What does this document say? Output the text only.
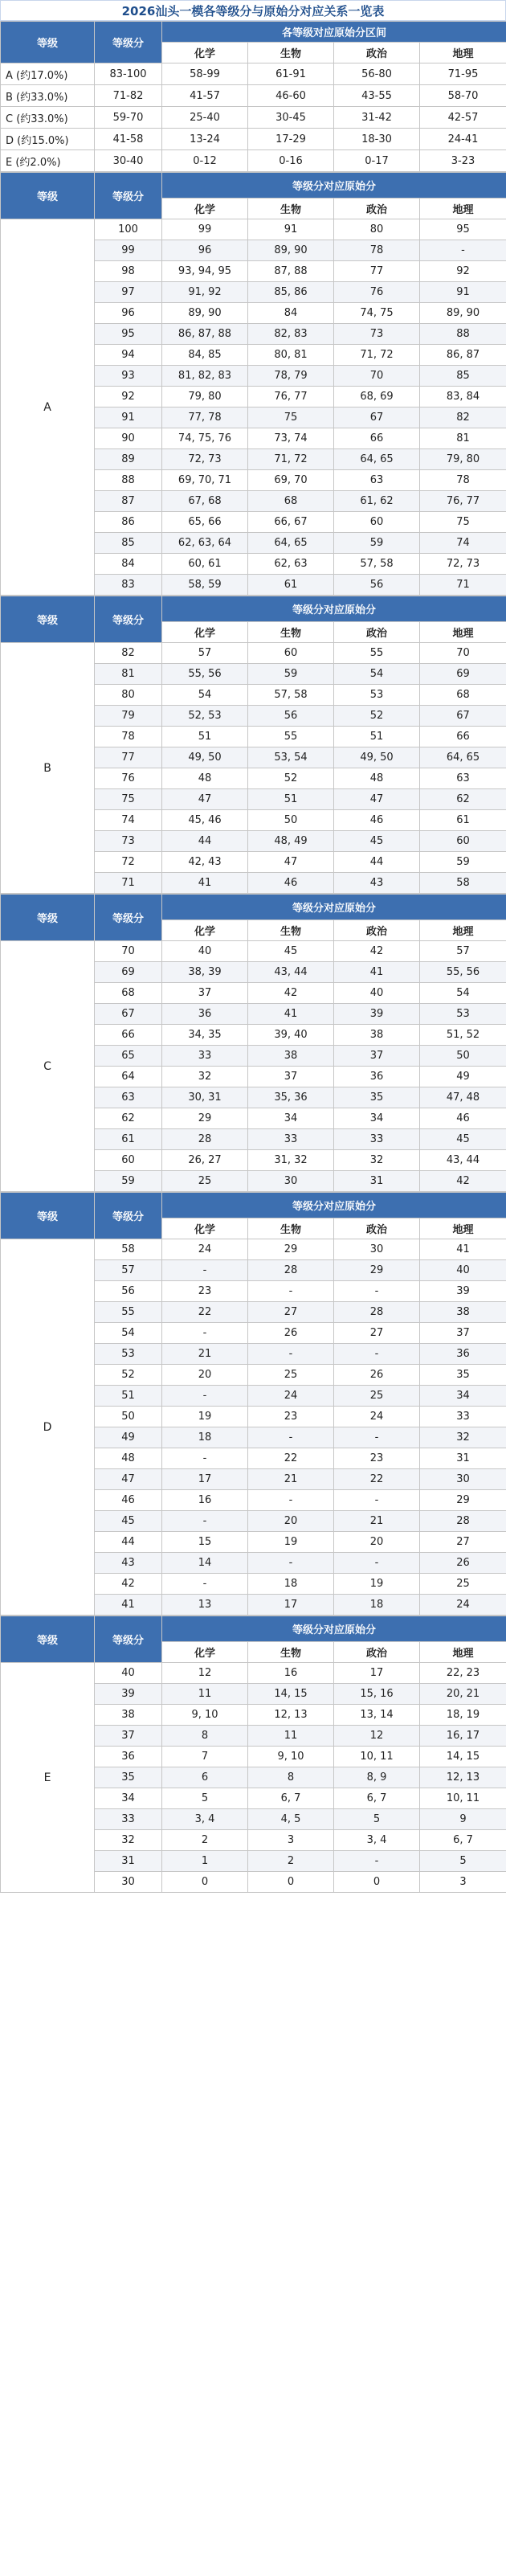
2026汕头一模各等级分与原始分对应关系一览表
等级	等级分	各等级对应原始分区间			
		化学	生物	政治	地理
A (约17.0%)	83-100	58-99	61-91	56-80	71-95
B (约33.0%)	71-82	41-57	46-60	43-55	58-70
C (约33.0%)	59-70	25-40	30-45	31-42	42-57
D (约15.0%)	41-58	13-24	17-29	18-30	24-41
E (约2.0%)	30-40	0-12	0-16	0-17	3-23
等级	等级分	等级分对应原始分			
		化学	生物	政治	地理
A	100	99	91	80	95
	99	96	89, 90	78	-
	98	93, 94, 95	87, 88	77	92
	97	91, 92	85, 86	76	91
	96	89, 90	84	74, 75	89, 90
	95	86, 87, 88	82, 83	73	88
	94	84, 85	80, 81	71, 72	86, 87
	93	81, 82, 83	78, 79	70	85
	92	79, 80	76, 77	68, 69	83, 84
	91	77, 78	75	67	82
	90	74, 75, 76	73, 74	66	81
	89	72, 73	71, 72	64, 65	79, 80
	88	69, 70, 71	69, 70	63	78
	87	67, 68	68	61, 62	76, 77
	86	65, 66	66, 67	60	75
	85	62, 63, 64	64, 65	59	74
	84	60, 61	62, 63	57, 58	72, 73
	83	58, 59	61	56	71
等级	等级分	等级分对应原始分			
		化学	生物	政治	地理
B	82	57	60	55	70
	81	55, 56	59	54	69
	80	54	57, 58	53	68
	79	52, 53	56	52	67
	78	51	55	51	66
	77	49, 50	53, 54	49, 50	64, 65
	76	48	52	48	63
	75	47	51	47	62
	74	45, 46	50	46	61
	73	44	48, 49	45	60
	72	42, 43	47	44	59
	71	41	46	43	58
等级	等级分	等级分对应原始分			
		化学	生物	政治	地理
C	70	40	45	42	57
	69	38, 39	43, 44	41	55, 56
	68	37	42	40	54
	67	36	41	39	53
	66	34, 35	39, 40	38	51, 52
	65	33	38	37	50
	64	32	37	36	49
	63	30, 31	35, 36	35	47, 48
	62	29	34	34	46
	61	28	33	33	45
	60	26, 27	31, 32	32	43, 44
	59	25	30	31	42
等级	等级分	等级分对应原始分			
		化学	生物	政治	地理
D	58	24	29	30	41
	57	-	28	29	40
	56	23	-	-	39
	55	22	27	28	38
	54	-	26	27	37
	53	21	-	-	36
	52	20	25	26	35
	51	-	24	25	34
	50	19	23	24	33
	49	18	-	-	32
	48	-	22	23	31
	47	17	21	22	30
	46	16	-	-	29
	45	-	20	21	28
	44	15	19	20	27
	43	14	-	-	26
	42	-	18	19	25
	41	13	17	18	24
等级	等级分	等级分对应原始分			
		化学	生物	政治	地理
E	40	12	16	17	22, 23
	39	11	14, 15	15, 16	20, 21
	38	9, 10	12, 13	13, 14	18, 19
	37	8	11	12	16, 17
	36	7	9, 10	10, 11	14, 15
	35	6	8	8, 9	12, 13
	34	5	6, 7	6, 7	10, 11
	33	3, 4	4, 5	5	9
	32	2	3	3, 4	6, 7
	31	1	2	-	5
	30	0	0	0	3
